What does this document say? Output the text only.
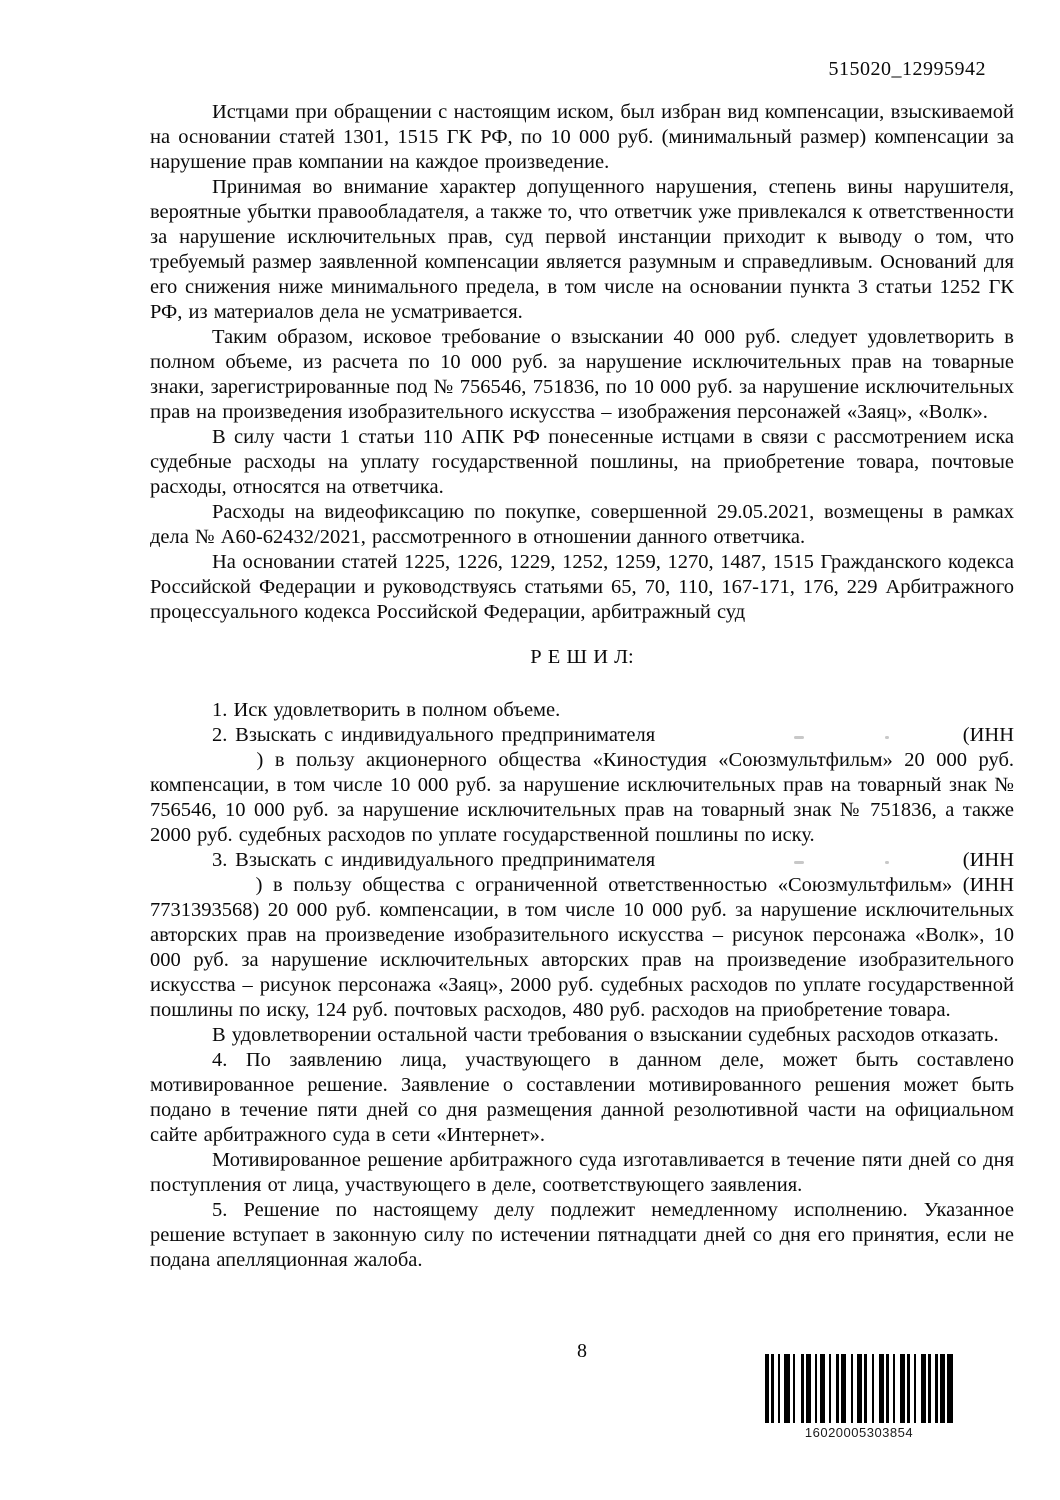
515020_12995942

Истцами при обращении с настоящим иском, был избран вид компенсации, взыскиваемой на основании статей 1301, 1515 ГК РФ, по 10 000 руб. (минимальный размер) компенсации за нарушение прав компании на каждое произведение.

Принимая во внимание характер допущенного нарушения, степень вины нарушителя, вероятные убытки правообладателя, а также то, что ответчик уже привлекался к ответственности за нарушение исключительных прав, суд первой инстанции приходит к выводу о том, что требуемый размер заявленной компенсации является разумным и справедливым. Оснований для его снижения ниже минимального предела, в том числе на основании пункта 3 статьи 1252 ГК РФ, из материалов дела не усматривается.

Таким образом, исковое требование о взыскании 40 000 руб. следует удовлетворить в полном объеме, из расчета по 10 000 руб. за нарушение исключительных прав на товарные знаки, зарегистрированные под № 756546, 751836, по 10 000 руб. за нарушение исключительных прав на произведения изобразительного искусства – изображения персонажей «Заяц», «Волк».

В силу части 1 статьи 110 АПК РФ понесенные истцами в связи с рассмотрением иска судебные расходы на уплату государственной пошлины, на приобретение товара, почтовые расходы, относятся на ответчика.

Расходы на видеофиксацию по покупке, совершенной 29.05.2021, возмещены в рамках дела № А60-62432/2021, рассмотренного в отношении данного ответчика.

На основании статей 1225, 1226, 1229, 1252, 1259, 1270, 1487, 1515 Гражданского кодекса Российской Федерации и руководствуясь статьями 65, 70, 110, 167-171, 176, 229 Арбитражного процессуального кодекса Российской Федерации, арбитражный суд

Р Е Ш И Л:

1. Иск удовлетворить в полном объеме.

2. Взыскать с индивидуального предпринимателя	(ИНН  ) в пользу акционерного общества «Киностудия «Союзмультфильм» 20 000 руб. компенсации, в том числе 10 000 руб. за нарушение исключительных прав на товарный знак № 756546, 10 000 руб. за нарушение исключительных прав на товарный знак № 751836, а также 2000 руб. судебных расходов по уплате государственной пошлины по иску.

3. Взыскать с индивидуального предпринимателя	(ИНН  ) в пользу общества с ограниченной ответственностью «Союзмультфильм» (ИНН 7731393568) 20 000 руб. компенсации, в том числе 10 000 руб. за нарушение исключительных авторских прав на произведение изобразительного искусства – рисунок персонажа «Волк», 10 000 руб. за нарушение исключительных авторских прав на произведение изобразительного искусства – рисунок персонажа «Заяц», 2000 руб. судебных расходов по уплате государственной пошлины по иску, 124 руб. почтовых расходов, 480 руб. расходов на приобретение товара.

В удовлетворении остальной части требования о взыскании судебных расходов отказать.

4. По заявлению лица, участвующего в данном деле, может быть составлено мотивированное решение. Заявление о составлении мотивированного решения может быть подано в течение пяти дней со дня размещения данной резолютивной части на официальном сайте арбитражного суда в сети «Интернет».

Мотивированное решение арбитражного суда изготавливается в течение пяти дней со дня поступления от лица, участвующего в деле, соответствующего заявления.

5. Решение по настоящему делу подлежит немедленному исполнению. Указанное решение вступает в законную силу по истечении пятнадцати дней со дня его принятия, если не подана апелляционная жалоба.

8
16020005303854
